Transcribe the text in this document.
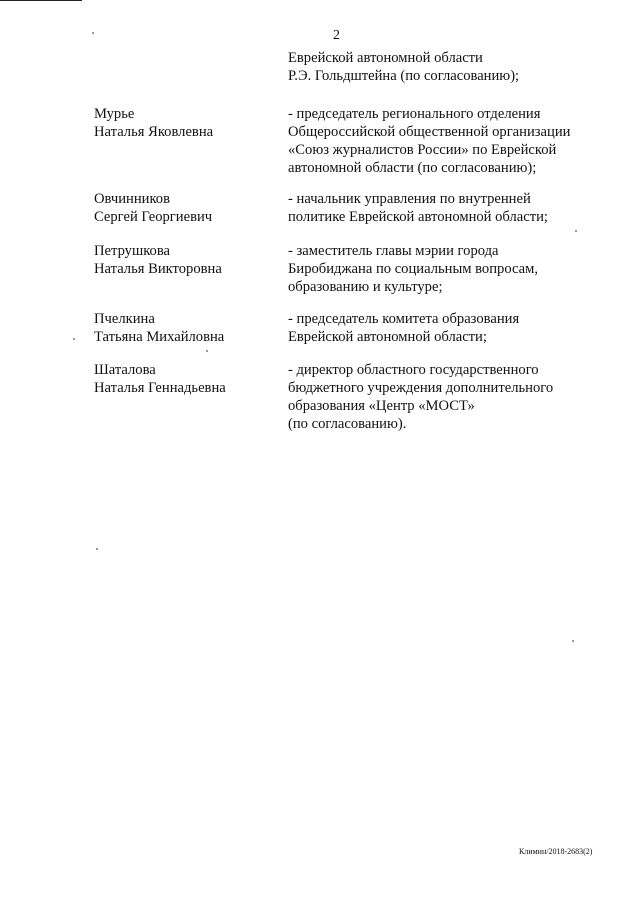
2
Еврейской автономной области
Р.Э. Гольдштейна (по согласованию);
Мурье
Наталья Яковлевна
- председатель регионального отделения
Общероссийской общественной организации
«Союз журналистов России» по Еврейской
автономной области (по согласованию);
Овчинников
Сергей Георгиевич
- начальник управления по внутренней
политике Еврейской автономной области;
Петрушкова
Наталья Викторовна
- заместитель главы мэрии города
Биробиджана по социальным вопросам,
образованию и культуре;
Пчелкина
Татьяна Михайловна
- председатель комитета образования
Еврейской автономной области;
Шаталова
Наталья Геннадьевна
- директор областного государственного
бюджетного учреждения дополнительного
образования «Центр «МОСТ»
(по согласованию).
Климин/2018-2683(2)
